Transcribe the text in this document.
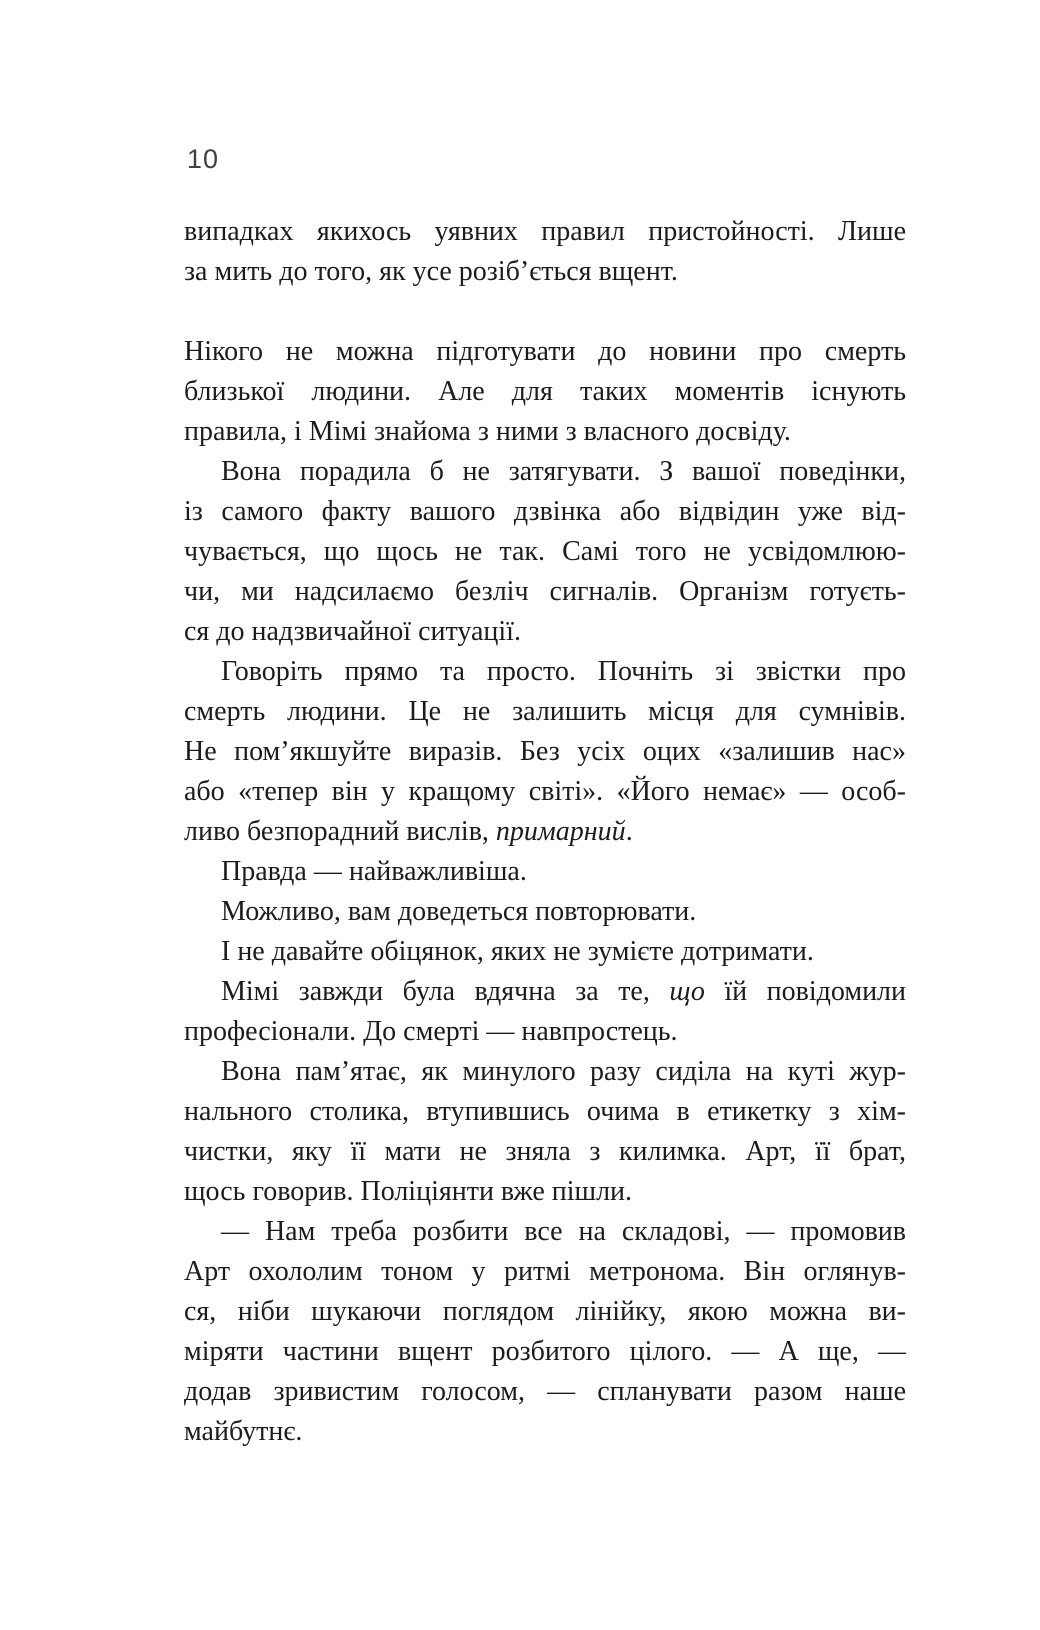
10
випадках якихось уявних правил пристойності. Лише
за мить до того, як усе розіб’ється вщент.
Нікого не можна підготувати до новини про смерть
близької людини. Але для таких моментів існують
правила, і Мімі знайома з ними з власного досвіду.
Вона порадила б не затягувати. З вашої поведінки,
із самого факту вашого дзвінка або відвідин уже від-
чувається, що щось не так. Самі того не усвідомлюю-
чи, ми надсилаємо безліч сигналів. Організм готуєть-
ся до надзвичайної ситуації.
Говоріть прямо та просто. Почніть зі звістки про
смерть людини. Це не залишить місця для сумнівів.
Не пом’якшуйте виразів. Без усіх оцих «залишив нас»
або «тепер він у кращому світі». «Його немає» — особ-
ливо безпорадний вислів, примарний.
Правда — найважливіша.
Можливо, вам доведеться повторювати.
І не давайте обіцянок, яких не зумієте дотримати.
Мімі завжди була вдячна за те, що їй повідомили
професіонали. До смерті — навпростець.
Вона пам’ятає, як минулого разу сиділа на куті жур-
нального столика, втупившись очима в етикетку з хім-
чистки, яку її мати не зняла з килимка. Арт, її брат,
щось говорив. Поліціянти вже пішли.
— Нам треба розбити все на складові, — промовив
Арт охололим тоном у ритмі метронома. Він оглянув-
ся, ніби шукаючи поглядом лінійку, якою можна ви-
міряти частини вщент розбитого цілого. — А ще, —
додав зривистим голосом, — спланувати разом наше
майбутнє.
